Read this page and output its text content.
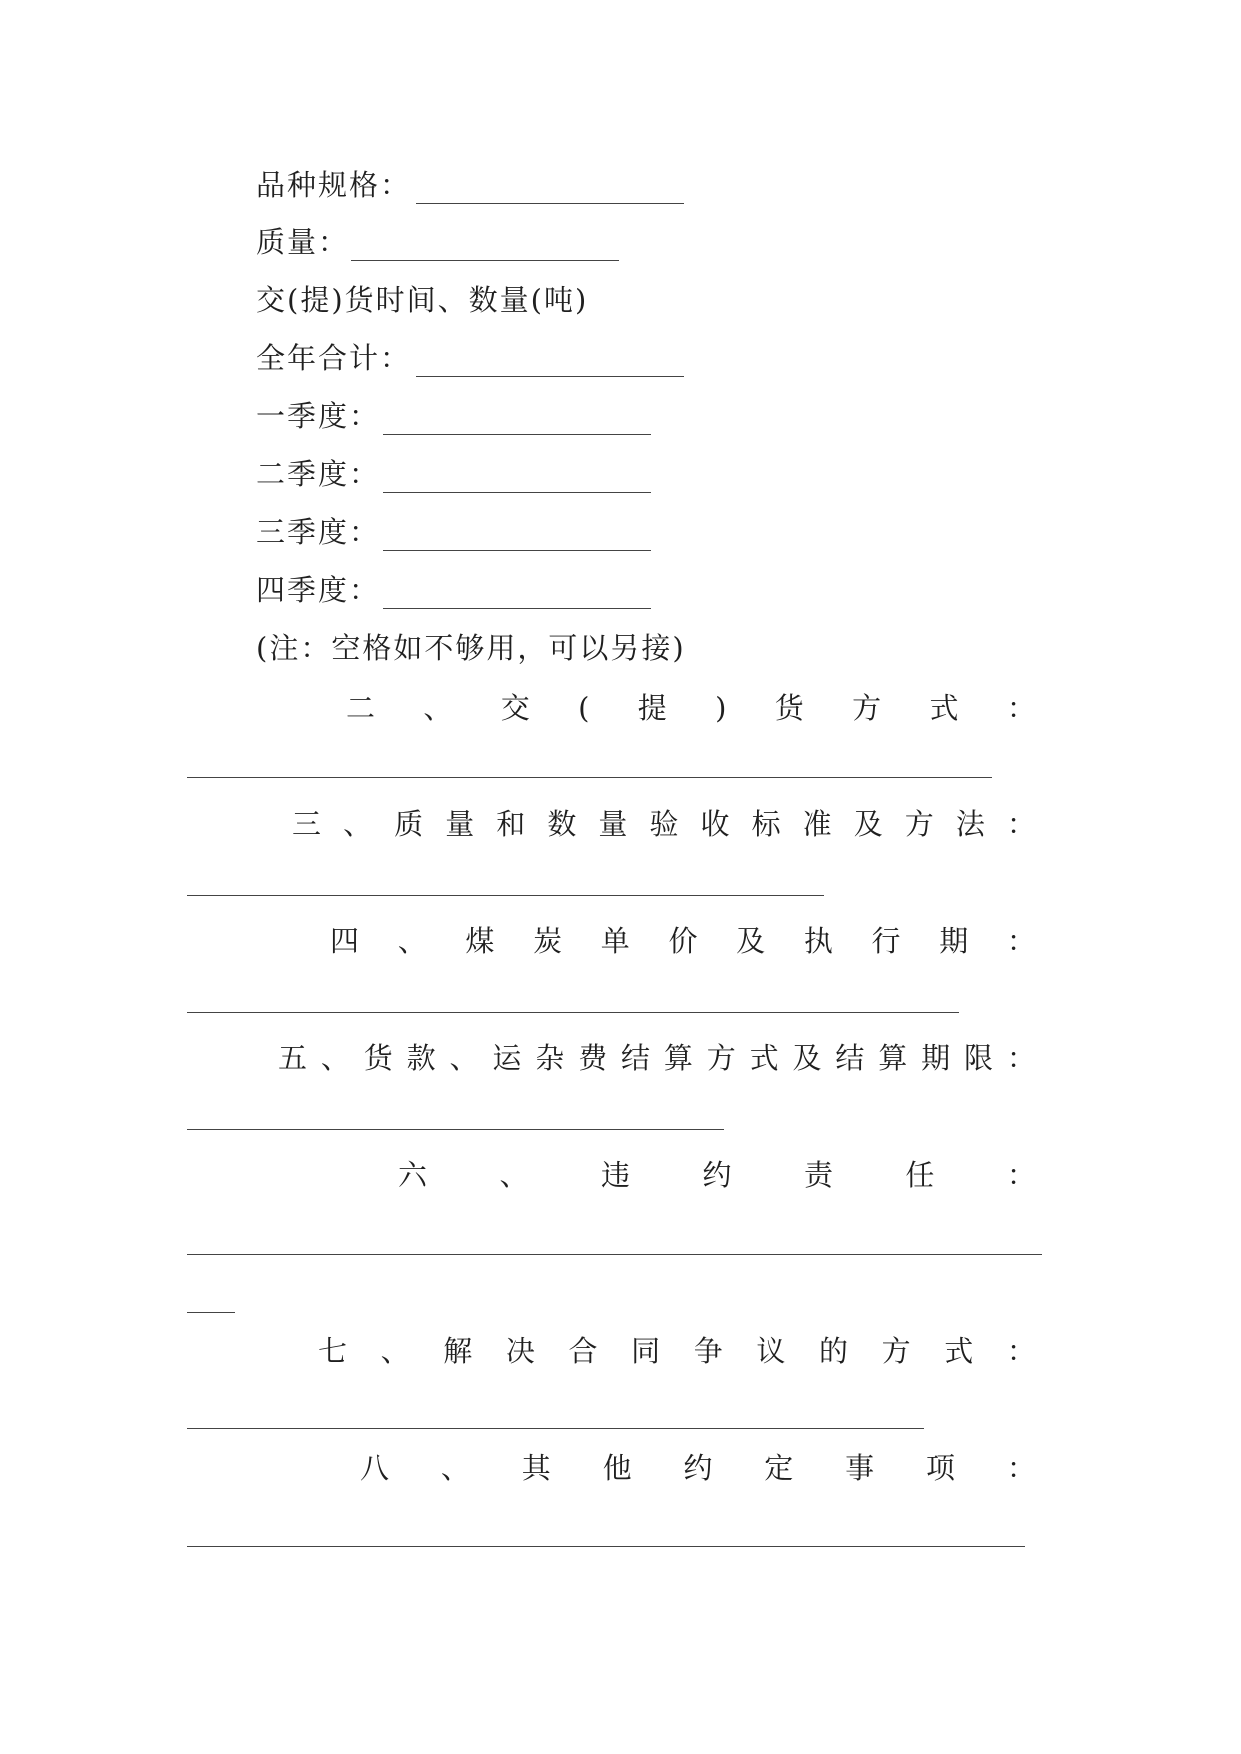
品种规格：
质量：
交(提)货时间、数量(吨)
全年合计：
一季度：
二季度：
三季度：
四季度：
(注：空格如不够用，可以另接)
二 、 交 ( 提 ) 货 方 式 ：
三 、 质 量 和 数 量 验 收 标 准 及 方 法 ：
四 、 煤 炭 单 价 及 执 行 期 ：
五 、 货 款 、 运 杂 费 结 算 方 式 及 结 算 期 限 ：
六 、 违 约 责 任 ：
七 、 解 决 合 同 争 议 的 方 式 ：
八 、 其 他 约 定 事 项 ：
